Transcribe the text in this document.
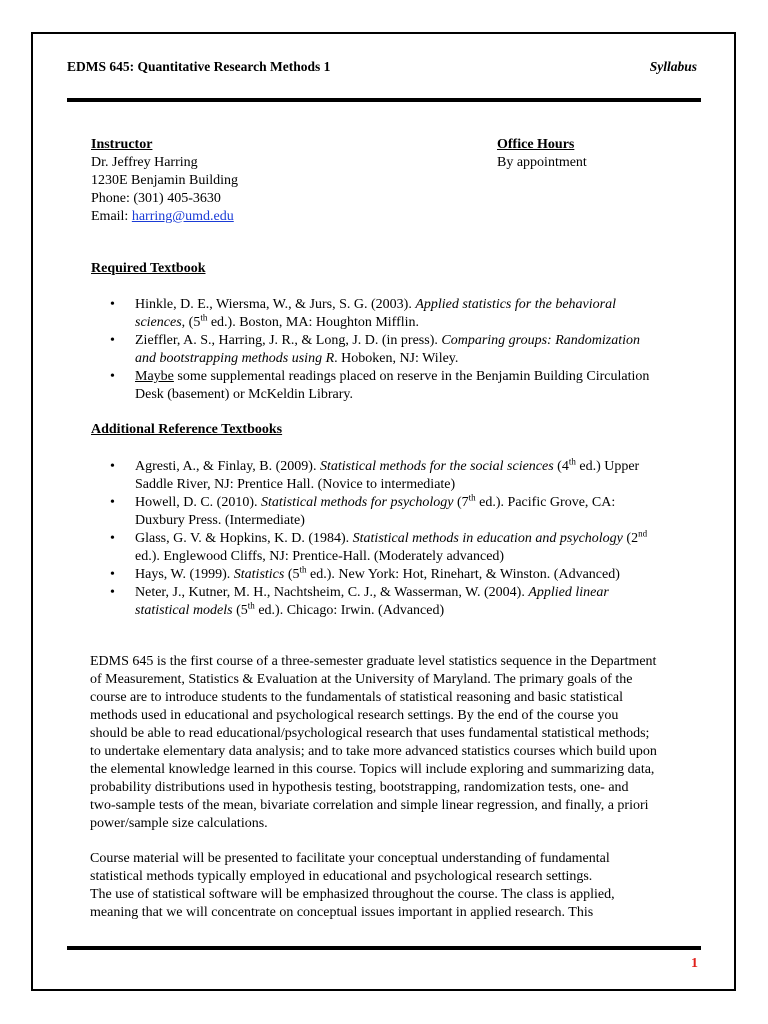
EDMS 645: Quantitative Research Methods 1	Syllabus
Instructor
Dr. Jeffrey Harring
1230E Benjamin Building
Phone: (301) 405-3630
Email: harring@umd.edu
Office Hours
By appointment
Required Textbook
• Hinkle, D. E., Wiersma, W., & Jurs, S. G. (2003). Applied statistics for the behavioral
sciences, (5th ed.). Boston, MA: Houghton Mifflin.
• Zieffler, A. S., Harring, J. R., & Long, J. D. (in press). Comparing groups: Randomization
and bootstrapping methods using R. Hoboken, NJ: Wiley.
• Maybe some supplemental readings placed on reserve in the Benjamin Building Circulation
Desk (basement) or McKeldin Library.
Additional Reference Textbooks
• Agresti, A., & Finlay, B. (2009). Statistical methods for the social sciences (4th ed.) Upper
Saddle River, NJ: Prentice Hall. (Novice to intermediate)
• Howell, D. C. (2010). Statistical methods for psychology (7th ed.). Pacific Grove, CA:
Duxbury Press. (Intermediate)
• Glass, G. V. & Hopkins, K. D. (1984). Statistical methods in education and psychology (2nd
ed.). Englewood Cliffs, NJ: Prentice-Hall. (Moderately advanced)
• Hays, W. (1999). Statistics (5th ed.). New York: Hot, Rinehart, & Winston. (Advanced)
• Neter, J., Kutner, M. H., Nachtsheim, C. J., & Wasserman, W. (2004). Applied linear
statistical models (5th ed.). Chicago: Irwin. (Advanced)
EDMS 645 is the first course of a three-semester graduate level statistics sequence in the Department
of Measurement, Statistics & Evaluation at the University of Maryland. The primary goals of the
course are to introduce students to the fundamentals of statistical reasoning and basic statistical
methods used in educational and psychological research settings. By the end of the course you
should be able to read educational/psychological research that uses fundamental statistical methods;
to undertake elementary data analysis; and to take more advanced statistics courses which build upon
the elemental knowledge learned in this course. Topics will include exploring and summarizing data,
probability distributions used in hypothesis testing, bootstrapping, randomization tests, one- and
two-sample tests of the mean, bivariate correlation and simple linear regression, and finally, a priori
power/sample size calculations.
Course material will be presented to facilitate your conceptual understanding of fundamental
statistical methods typically employed in educational and psychological research settings.
The use of statistical software will be emphasized throughout the course. The class is applied,
meaning that we will concentrate on conceptual issues important in applied research. This
1
